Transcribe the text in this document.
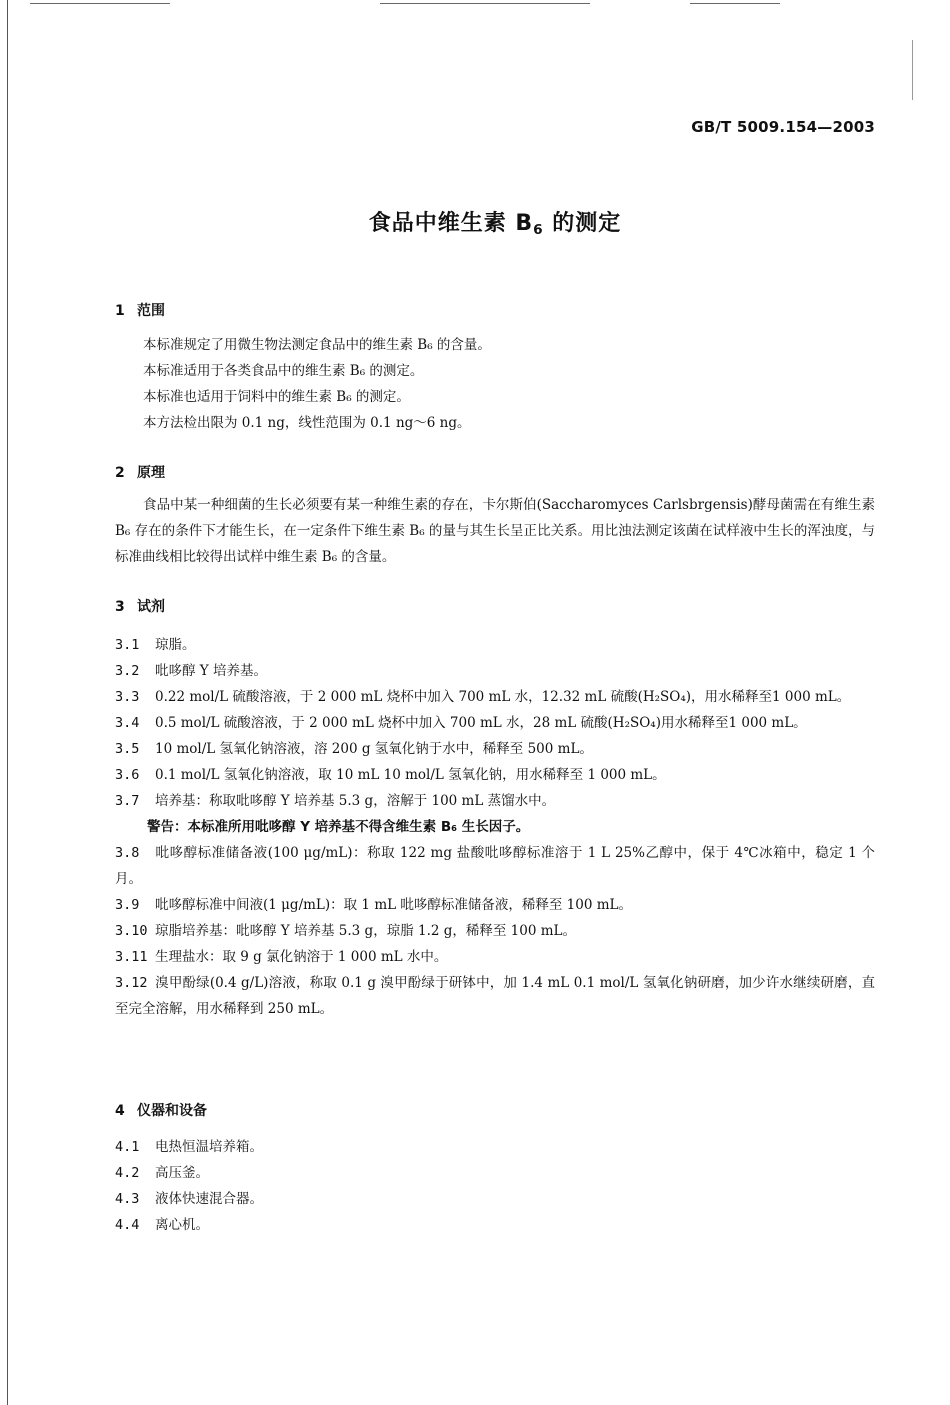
GB/T 5009.154—2003
食品中维生素 $B_6$ 的测定

1 范围

本标准规定了用微生物法测定食品中的维生素 B₆ 的含量。

本标准适用于各类食品中的维生素 B₆ 的测定。

本标准也适用于饲料中的维生素 B₆ 的测定。

本方法检出限为 0.1 ng，线性范围为 0.1 ng～6 ng。

2 原理

食品中某一种细菌的生长必须要有某一种维生素的存在，卡尔斯伯(Saccharomyces Carlsbrgensis)酵母菌需在有维生素 B₆ 存在的条件下才能生长，在一定条件下维生素 B₆ 的量与其生长呈正比关系。用比浊法测定该菌在试样液中生长的浑浊度，与标准曲线相比较得出试样中维生素 B₆ 的含量。

3 试剂

3.1 琼脂。

3.2 吡哆醇 Y 培养基。

3.3 0.22 mol/L 硫酸溶液，于 2 000 mL 烧杯中加入 700 mL 水，12.32 mL 硫酸(H₂SO₄)，用水稀释至1 000 mL。

3.4 0.5 mol/L 硫酸溶液，于 2 000 mL 烧杯中加入 700 mL 水，28 mL 硫酸(H₂SO₄)用水稀释至1 000 mL。

3.5 10 mol/L 氢氧化钠溶液，溶 200 g 氢氧化钠于水中，稀释至 500 mL。

3.6 0.1 mol/L 氢氧化钠溶液，取 10 mL 10 mol/L 氢氧化钠，用水稀释至 1 000 mL。

3.7 培养基：称取吡哆醇 Y 培养基 5.3 g，溶解于 100 mL 蒸馏水中。

警告：本标准所用吡哆醇 Y 培养基不得含维生素 B₆ 生长因子。

3.8 吡哆醇标准储备液(100 μg/mL)：称取 122 mg 盐酸吡哆醇标准溶于 1 L 25%乙醇中，保于 4℃冰箱中，稳定 1 个月。

3.9 吡哆醇标准中间液(1 μg/mL)：取 1 mL 吡哆醇标准储备液，稀释至 100 mL。

3.10 琼脂培养基：吡哆醇 Y 培养基 5.3 g，琼脂 1.2 g，稀释至 100 mL。

3.11 生理盐水：取 9 g 氯化钠溶于 1 000 mL 水中。

3.12 溴甲酚绿(0.4 g/L)溶液，称取 0.1 g 溴甲酚绿于研钵中，加 1.4 mL 0.1 mol/L 氢氧化钠研磨，加少许水继续研磨，直至完全溶解，用水稀释到 250 mL。

4 仪器和设备

4.1 电热恒温培养箱。

4.2 高压釜。

4.3 液体快速混合器。

4.4 离心机。
